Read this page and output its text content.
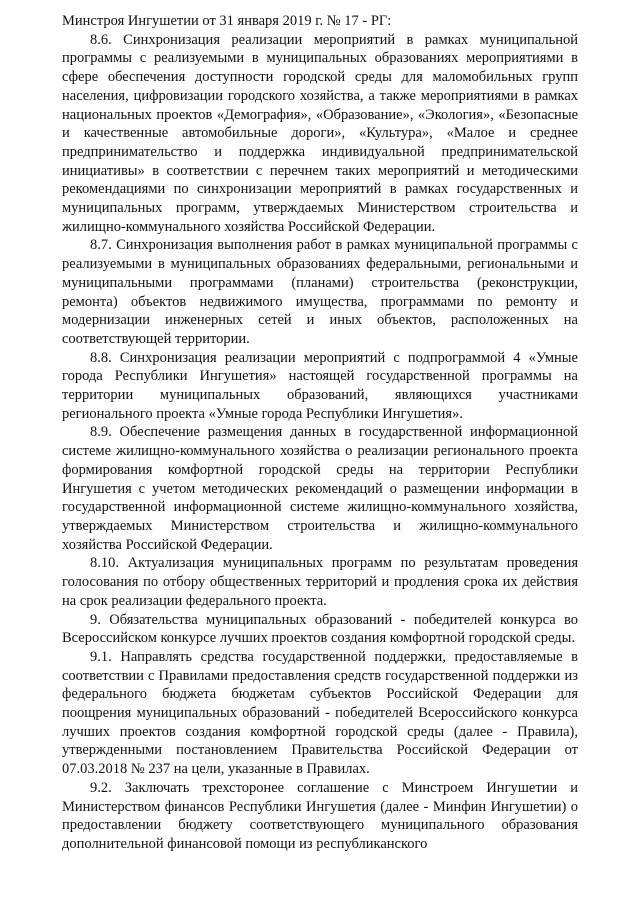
Минстроя Ингушетии от 31 января 2019 г. № 17 - РГ:

8.6. Синхронизация реализации мероприятий в рамках муниципальной программы с реализуемыми в муниципальных образованиях мероприятиями в сфере обеспечения доступности городской среды для маломобильных групп населения, цифровизации городского хозяйства, а также мероприятиями в рамках национальных проектов «Демография», «Образование», «Экология», «Безопасные и качественные автомобильные дороги», «Культура», «Малое и среднее предпринимательство и поддержка индивидуальной предпринимательской инициативы» в соответствии с перечнем таких мероприятий и методическими рекомендациями по синхронизации мероприятий в рамках государственных и муниципальных программ, утверждаемых Министерством строительства и жилищно-коммунального хозяйства Российской Федерации.

8.7. Синхронизация выполнения работ в рамках муниципальной программы с реализуемыми в муниципальных образованиях федеральными, региональными и муниципальными программами (планами) строительства (реконструкции, ремонта) объектов недвижимого имущества, программами по ремонту и модернизации инженерных сетей и иных объектов, расположенных на соответствующей территории.

8.8. Синхронизация реализации мероприятий с подпрограммой 4 «Умные города Республики Ингушетия» настоящей государственной программы на территории муниципальных образований, являющихся участниками регионального проекта «Умные города Республики Ингушетия».

8.9. Обеспечение размещения данных в государственной информационной системе жилищно-коммунального хозяйства о реализации регионального проекта формирования комфортной городской среды на территории Республики Ингушетия с учетом методических рекомендаций о размещении информации в государственной информационной системе жилищно-коммунального хозяйства, утверждаемых Министерством строительства и жилищно-коммунального хозяйства Российской Федерации.

8.10. Актуализация муниципальных программ по результатам проведения голосования по отбору общественных территорий и продления срока их действия на срок реализации федерального проекта.

9. Обязательства муниципальных образований - победителей конкурса во Всероссийском конкурсе лучших проектов создания комфортной городской среды.

9.1. Направлять средства государственной поддержки, предоставляемые в соответствии с Правилами предоставления средств государственной поддержки из федерального бюджета бюджетам субъектов Российской Федерации для поощрения муниципальных образований - победителей Всероссийского конкурса лучших проектов создания комфортной городской среды (далее - Правила), утвержденными постановлением Правительства Российской Федерации от 07.03.2018 № 237 на цели, указанные в Правилах.

9.2. Заключать трехсторонее соглашение с Минстроем Ингушетии и Министерством финансов Республики Ингушетия (далее - Минфин Ингушетии) о предоставлении бюджету соответствующего муниципального образования дополнительной финансовой помощи из республиканского
